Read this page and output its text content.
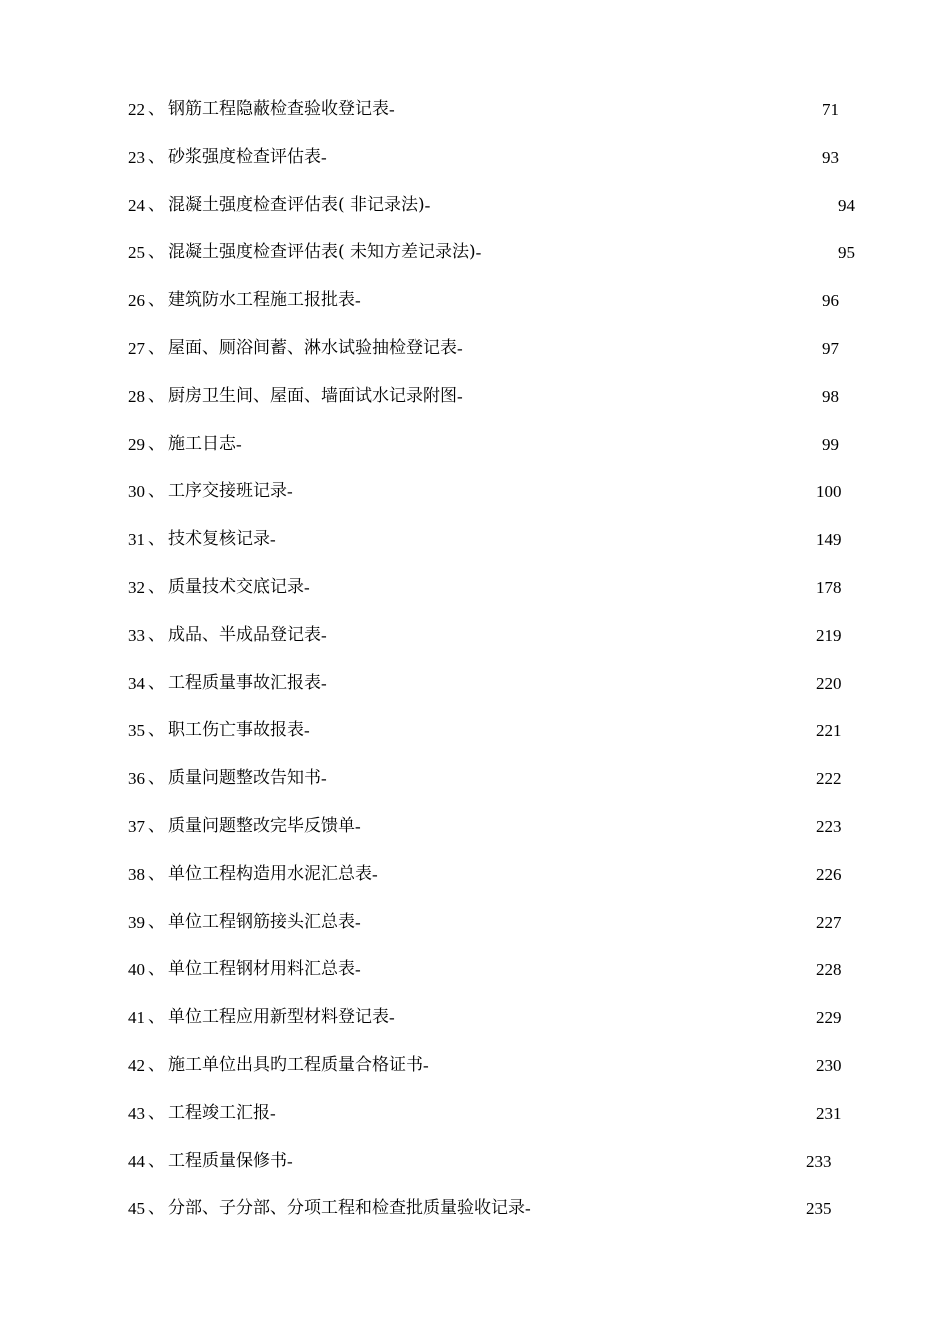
22 、 钢筋工程隐蔽检查验收登记表 -	71
23 、 砂浆强度检查评估表 -	93
24 、 混凝土强度检查评估表( 非记录法) -	94
25 、 混凝土强度检查评估表( 未知方差记录法) -	95
26 、 建筑防水工程施工报批表 -	96
27 、 屋面、厕浴间蓄、淋水试验抽检登记表 -	97
28 、 厨房卫生间、屋面、墙面试水记录附图 -	98
29 、 施工日志 -	99
30 、 工序交接班记录 -	100
31 、 技术复核记录 -	149
32 、 质量技术交底记录 -	178
33 、 成品、半成品登记表 -	219
34 、 工程质量事故汇报表 -	220
35 、 职工伤亡事故报表 -	221
36 、 质量问题整改告知书 -	222
37 、 质量问题整改完毕反馈单 -	223
38 、 单位工程构造用水泥汇总表 -	226
39 、 单位工程钢筋接头汇总表 -	227
40 、 单位工程钢材用料汇总表 -	228
41 、 单位工程应用新型材料登记表 -	229
42 、 施工单位出具旳工程质量合格证书 -	230
43 、 工程竣工汇报 -	231
44 、 工程质量保修书 -	233
45 、 分部、子分部、分项工程和检查批质量验收记录 -	235
